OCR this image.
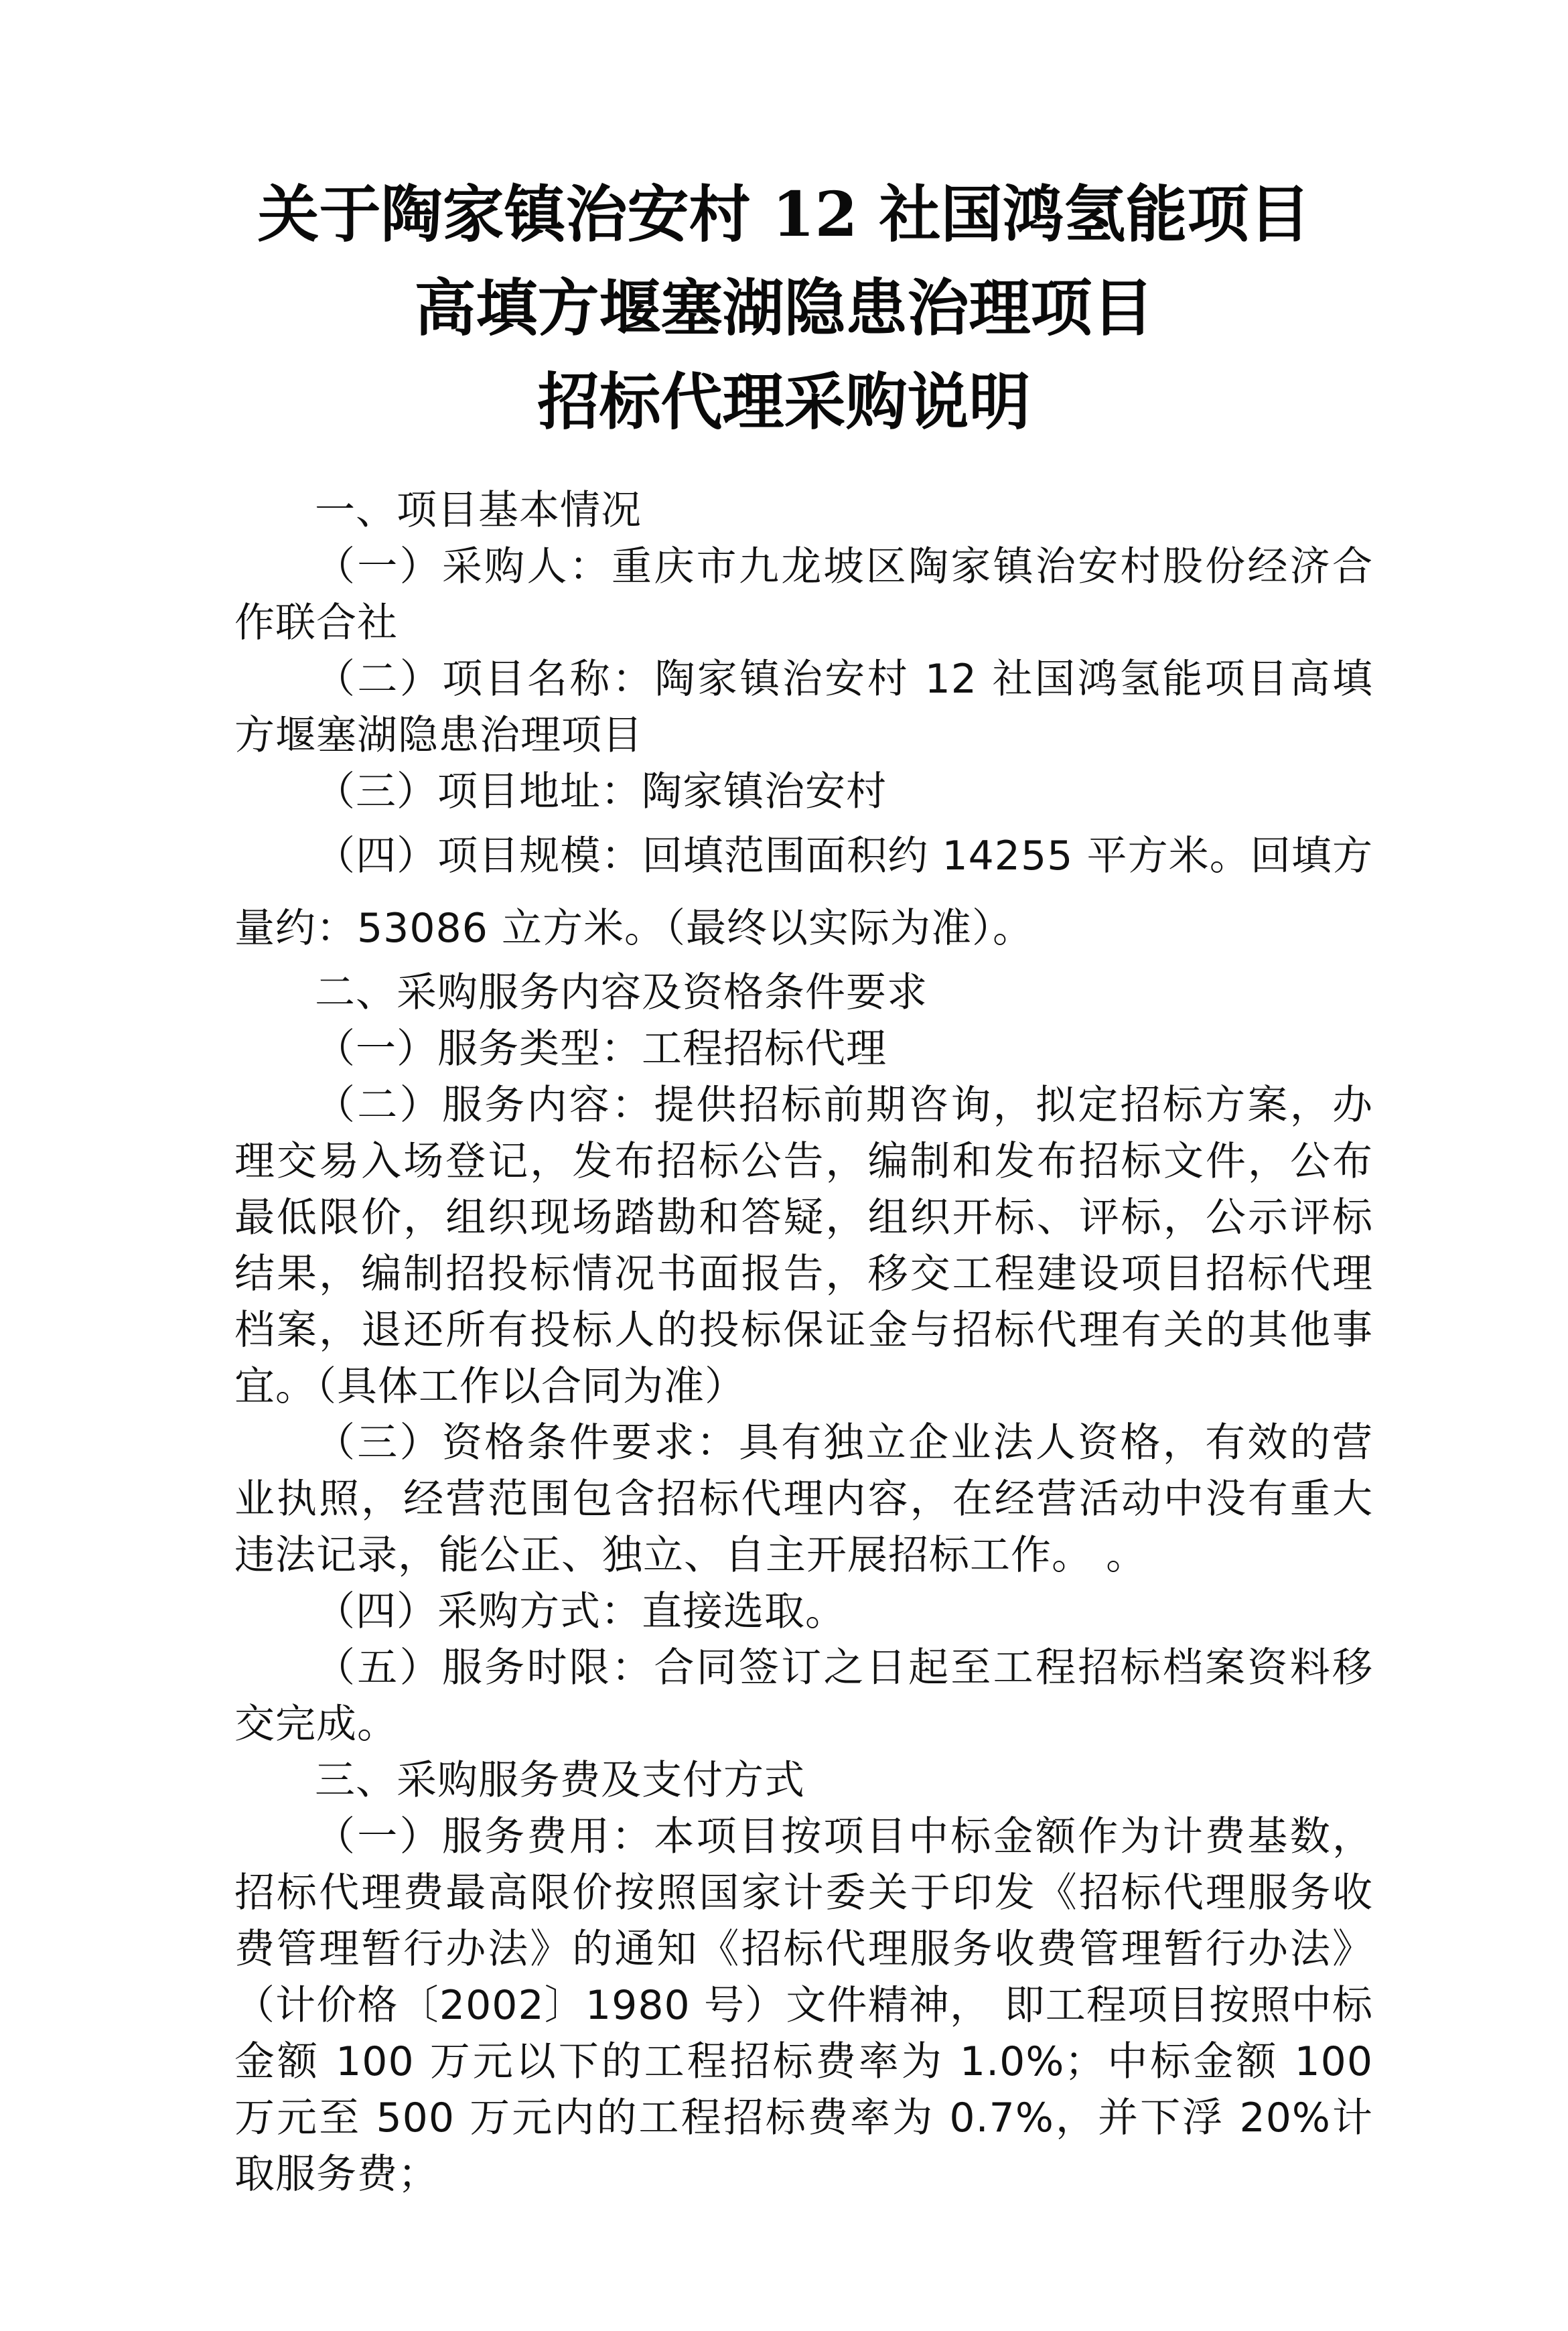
关于陶家镇治安村 12 社国鸿氢能项目
高填方堰塞湖隐患治理项目
招标代理采购说明

一、项目基本情况

（一）采购人：重庆市九龙坡区陶家镇治安村股份经济合作联合社

（二）项目名称：陶家镇治安村 12 社国鸿氢能项目高填方堰塞湖隐患治理项目

（三）项目地址：陶家镇治安村

（四）项目规模：回填范围面积约 14255 平方米。回填方量约：53086 立方米。（最终以实际为准）。

二、采购服务内容及资格条件要求

（一）服务类型：工程招标代理

（二）服务内容：提供招标前期咨询，拟定招标方案，办理交易入场登记，发布招标公告，编制和发布招标文件，公布最低限价，组织现场踏勘和答疑，组织开标、评标，公示评标结果，编制招投标情况书面报告，移交工程建设项目招标代理档案，退还所有投标人的投标保证金与招标代理有关的其他事宜。（具体工作以合同为准）

（三）资格条件要求：具有独立企业法人资格，有效的营业执照，经营范围包含招标代理内容，在经营活动中没有重大违法记录，能公正、独立、自主开展招标工作。 。

（四）采购方式：直接选取。

（五）服务时限：合同签订之日起至工程招标档案资料移交完成。

三、采购服务费及支付方式

（一）服务费用：本项目按项目中标金额作为计费基数，招标代理费最高限价按照国家计委关于印发《招标代理服务收费管理暂行办法》的通知《招标代理服务收费管理暂行办法》（计价格〔2002〕1980 号）文件精神， 即工程项目按照中标金额 100 万元以下的工程招标费率为 1.0%；中标金额 100 万元至 500 万元内的工程招标费率为 0.7%，并下浮 20%计取服务费；
